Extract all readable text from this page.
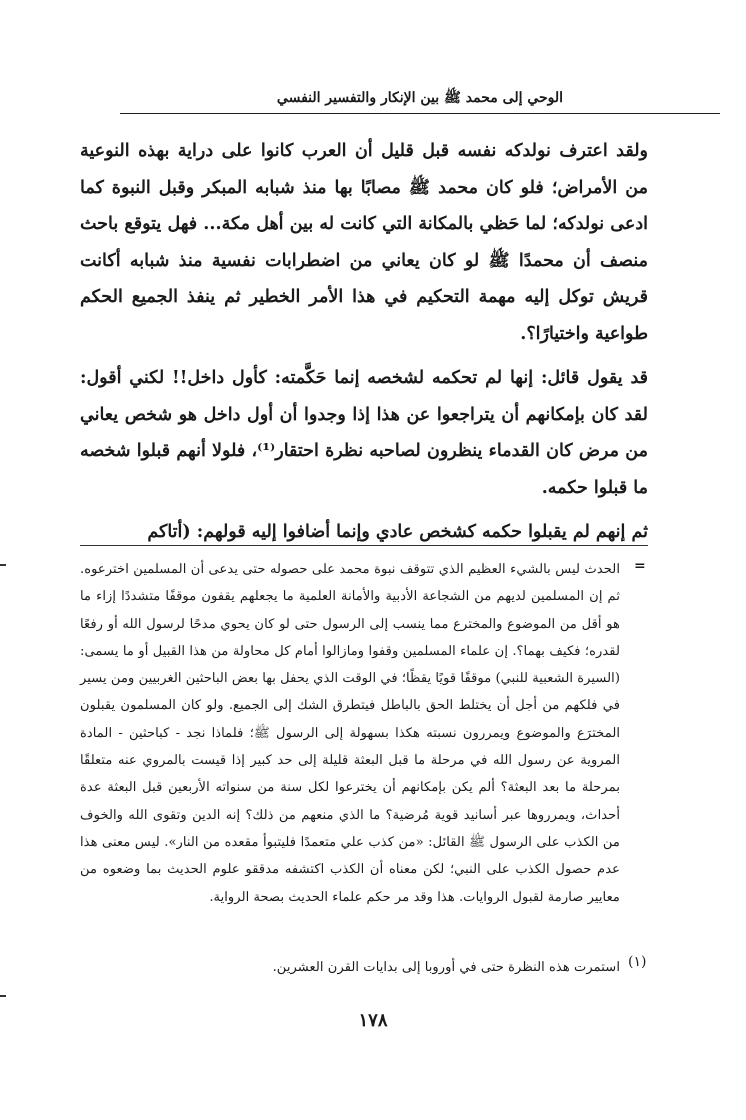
الوحي إلى محمد ﷺ بين الإنكار والتفسير النفسي

ولقد اعترف نولدكه نفسه قبل قليل أن العرب كانوا على دراية بهذه النوعية من الأمراض؛ فلو كان محمد ﷺ مصابًا بها منذ شبابه المبكر وقبل النبوة كما ادعى نولدكه؛ لما حَظي بالمكانة التي كانت له بين أهل مكة... فهل يتوقع باحث منصف أن محمدًا ﷺ لو كان يعاني من اضطرابات نفسية منذ شبابه أكانت قريش توكل إليه مهمة التحكيم في هذا الأمر الخطير ثم ينفذ الجميع الحكم طواعية واختيارًا؟.

قد يقول قائل: إنها لم تحكمه لشخصه إنما حَكَّمته: كأول داخل!! لكني أقول: لقد كان بإمكانهم أن يتراجعوا عن هذا إذا وجدوا أن أول داخل هو شخص يعاني من مرض كان القدماء ينظرون لصاحبه نظرة احتقار⁽¹⁾، فلولا أنهم قبلوا شخصه ما قبلوا حكمه.

ثم إنهم لم يقبلوا حكمه كشخص عادي وإنما أضافوا إليه قولهم: (أتاكم

=

الحدث ليس بالشيء العظيم الذي تتوقف نبوة محمد على حصوله حتى يدعى أن المسلمين اخترعوه. ثم إن المسلمين لديهم من الشجاعة الأدبية والأمانة العلمية ما يجعلهم يقفون موقفًا متشددًا إزاء ما هو أقل من الموضوع والمخترع مما ينسب إلى الرسول حتى لو كان يحوي مدحًا لرسول الله أو رفعًا لقدره؛ فكيف بهما؟. إن علماء المسلمين وقفوا ومازالوا أمام كل محاولة من هذا القبيل أو ما يسمى: (السيرة الشعبية للنبي) موقفًا قويًا يقظًا؛ في الوقت الذي يحفل بها بعض الباحثين الغربيين ومن يسير في فلكهم من أجل أن يختلط الحق بالباطل فيتطرق الشك إلى الجميع. ولو كان المسلمون يقبلون المخترَع والموضوع ويمررون نسبته هكذا بسهولة إلى الرسول ﷺ؛ فلماذا نجد - كباحثين - المادة المروية عن رسول الله في مرحلة ما قبل البعثة قليلة إلى حد كبير إذا قيست بالمروي عنه متعلقًا بمرحلة ما بعد البعثة؟ ألم يكن بإمكانهم أن يخترعوا لكل سنة من سنواته الأربعين قبل البعثة عدة أحداث، ويمرروها عبر أسانيد قوية مُرضية؟ ما الذي منعهم من ذلك؟ إنه الدين وتقوى الله والخوف من الكذب على الرسول ﷺ القائل: «من كذب علي متعمدًا فليتبوأ مقعده من النار». ليس معنى هذا عدم حصول الكذب على النبي؛ لكن معناه أن الكذب اكتشفه مدققو علوم الحديث بما وضعوه من معايير صارمة لقبول الروايات. هذا وقد مر حكم علماء الحديث بصحة الرواية.

(١)
استمرت هذه النظرة حتى في أوروبا إلى بدايات القرن العشرين.
١٧٨
